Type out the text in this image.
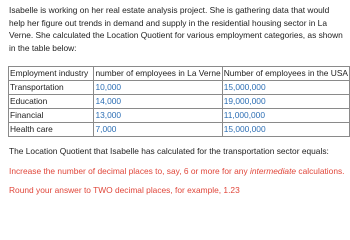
Isabelle is working on her real estate analysis project. She is gathering data that would help her figure out trends in demand and supply in the residential housing sector in La Verne. She calculated the Location Quotient for various employment categories, as shown in the table below:

Employment industry	number of employees in La Verne	Number of employees in the USA
Transportation	10,000	15,000,000
Education	14,000	19,000,000
Financial	13,000	11,000,000
Health care	7,000	15,000,000

The Location Quotient that Isabelle has calculated for the transportation sector equals:

Increase the number of decimal places to, say, 6 or more for any intermediate calculations.

Round your answer to TWO decimal places, for example, 1.23
